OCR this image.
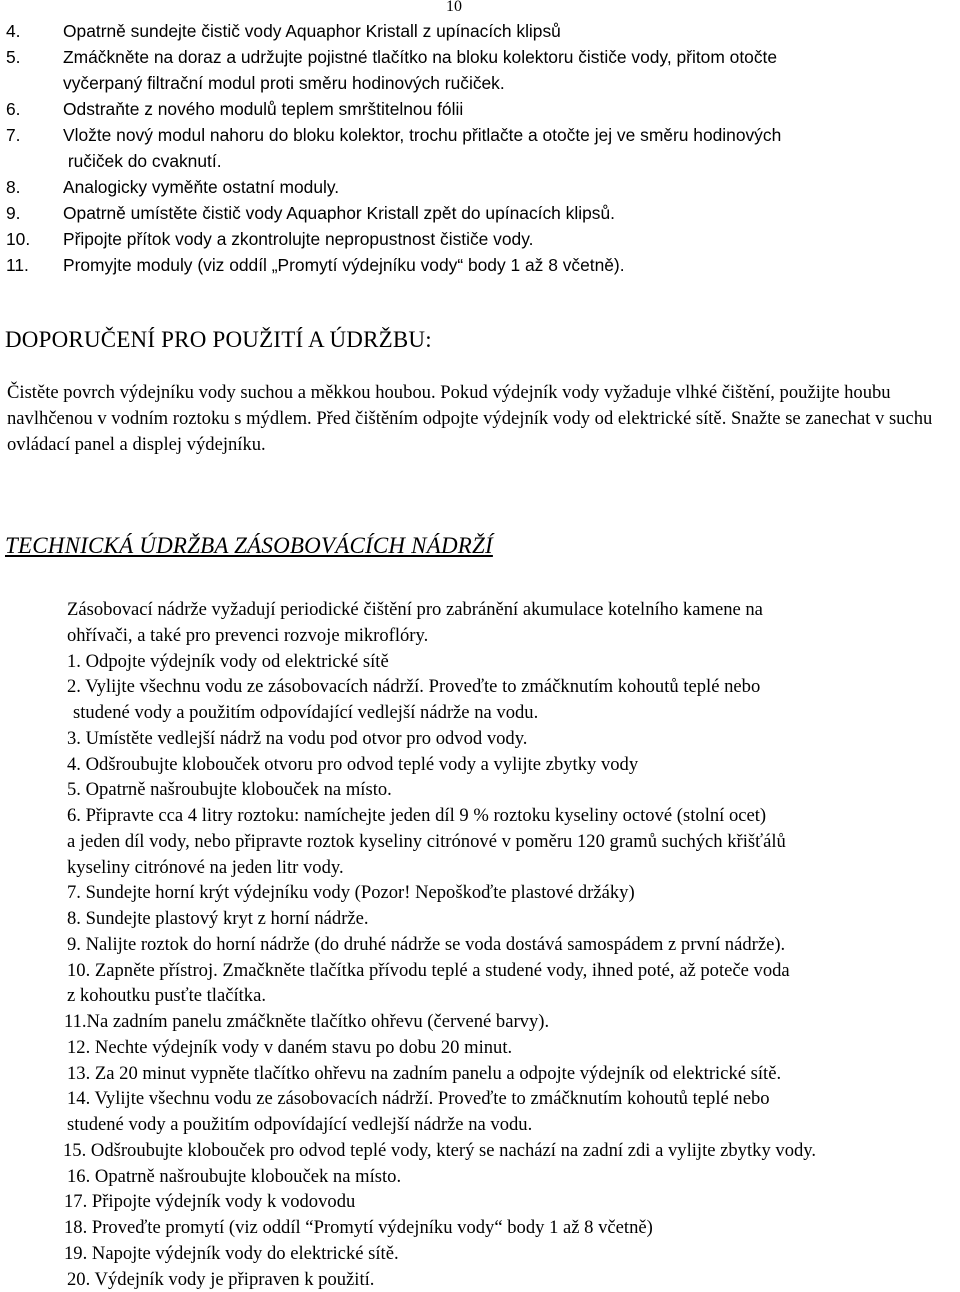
10
4. Opatrně sundejte čistič vody Aquaphor Kristall z upínacích klipsů
5. Zmáčkněte na doraz a udržujte pojistné tlačítko na bloku kolektoru čističe vody, přitom otočte
vyčerpaný filtrační modul proti směru hodinových ručiček.
6. Odstraňte z nového modulů teplem smrštitelnou fólii
7. Vložte nový modul nahoru do bloku kolektor, trochu přitlačte a otočte jej ve směru hodinových
ručiček do cvaknutí.
8. Analogicky vyměňte ostatní moduly.
9. Opatrně umístěte čistič vody Aquaphor Kristall zpět do upínacích klipsů.
10. Připojte přítok vody a zkontrolujte nepropustnost čističe vody.
11. Promyjte moduly (viz oddíl „Promytí výdejníku vody“ body 1 až 8 včetně).
DOPORUČENÍ PRO POUŽITÍ A ÚDRŽBU:

Čistěte povrch výdejníku vody suchou a měkkou houbou. Pokud výdejník vody vyžaduje vlhké čištění, použijte houbu navlhčenou v vodním roztoku s mýdlem. Před čištěním odpojte výdejník vody od elektrické sítě. Snažte se zanechat v suchu ovládací panel a displej výdejníku.

TECHNICKÁ ÚDRŽBA ZÁSOBOVÁCÍCH NÁDRŽÍ
Zásobovací nádrže vyžadují periodické čištění pro zabránění akumulace kotelního kamene na
ohřívači, a také pro prevenci rozvoje mikroflóry.
1. Odpojte výdejník vody od elektrické sítě
2. Vylijte všechnu vodu ze zásobovacích nádrží. Proveďte to zmáčknutím kohoutů teplé nebo
studené vody a použitím odpovídající vedlejší nádrže na vodu.
3. Umístěte vedlejší nádrž na vodu pod otvor pro odvod vody.
4. Odšroubujte klobouček otvoru pro odvod teplé vody a vylijte zbytky vody
5. Opatrně našroubujte klobouček na místo.
6. Připravte cca 4 litry roztoku: namíchejte jeden díl 9 % roztoku kyseliny octové (stolní ocet)
a jeden díl vody, nebo připravte roztok kyseliny citrónové v poměru 120 gramů suchých křišťálů
kyseliny citrónové na jeden litr vody.
7. Sundejte horní krýt výdejníku vody (Pozor! Nepoškoďte plastové držáky)
8. Sundejte plastový kryt z horní nádrže.
9. Nalijte roztok do horní nádrže (do druhé nádrže se voda dostává samospádem z první nádrže).
10. Zapněte přístroj. Zmačkněte tlačítka přívodu teplé a studené vody, ihned poté, až poteče voda
z kohoutku pusťte tlačítka.
11.Na zadním panelu zmáčkněte tlačítko ohřevu (červené barvy).
12. Nechte výdejník vody v daném stavu po dobu 20 minut.
13. Za 20 minut vypněte tlačítko ohřevu na zadním panelu a odpojte výdejník od elektrické sítě.
14. Vylijte všechnu vodu ze zásobovacích nádrží. Proveďte to zmáčknutím kohoutů teplé nebo
studené vody a použitím odpovídající vedlejší nádrže na vodu.
15. Odšroubujte klobouček pro odvod teplé vody, který se nachází na zadní zdi a vylijte zbytky vody.
16. Opatrně našroubujte klobouček na místo.
17. Připojte výdejník vody k vodovodu
18. Proveďte promytí (viz oddíl “Promytí výdejníku vody“ body 1 až 8 včetně)
19. Napojte výdejník vody do elektrické sítě.
20. Výdejník vody je připraven k použití.
